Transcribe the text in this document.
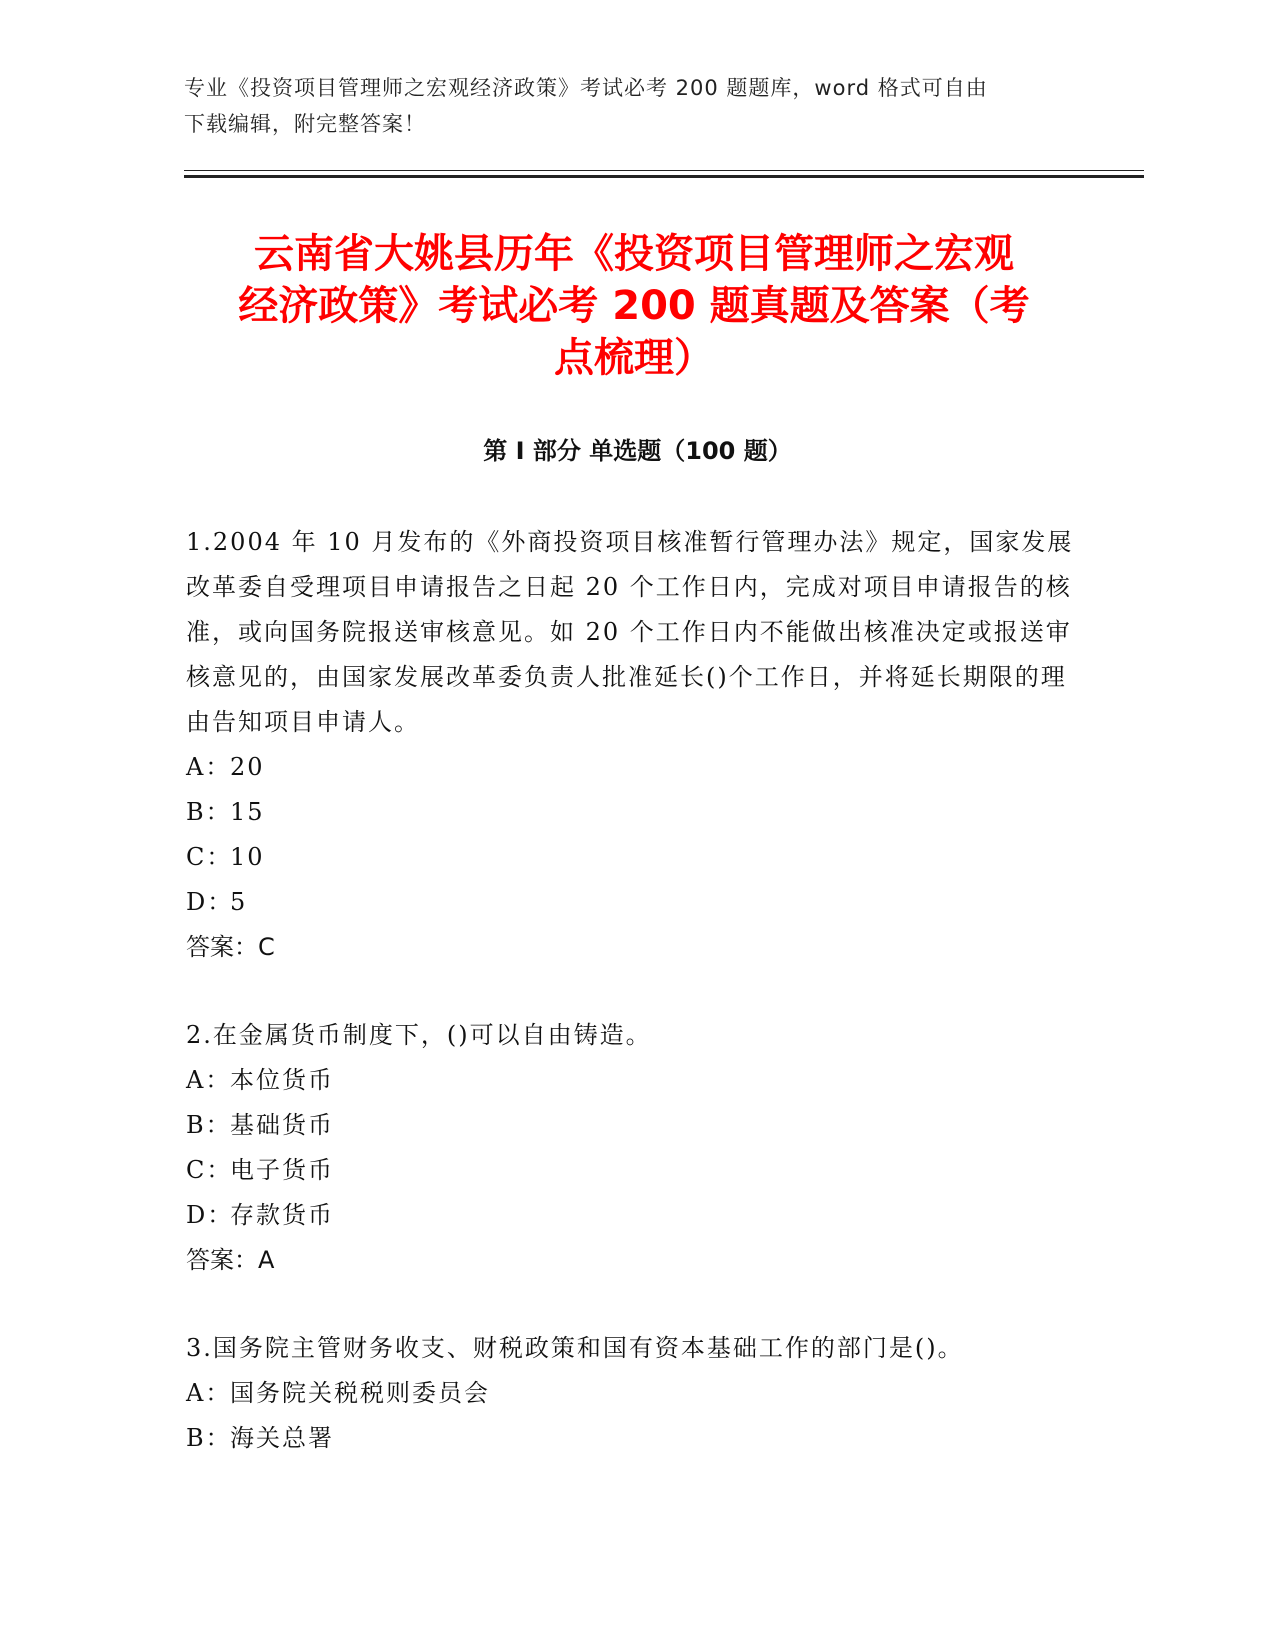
专业《投资项目管理师之宏观经济政策》考试必考 200 题题库，word 格式可自由
下载编辑，附完整答案！
云南省大姚县历年《投资项目管理师之宏观
经济政策》考试必考 200 题真题及答案（考
点梳理）
第 I 部分 单选题（100 题）

1.2004 年 10 月发布的《外商投资项目核准暂行管理办法》规定，国家发展改革委自受理项目申请报告之日起 20 个工作日内，完成对项目申请报告的核准，或向国务院报送审核意见。如 20 个工作日内不能做出核准决定或报送审核意见的，由国家发展改革委负责人批准延长()个工作日，并将延长期限的理由告知项目申请人。

A：20

B：15

C：10

D：5

答案：C

2.在金属货币制度下，()可以自由铸造。

A：本位货币

B：基础货币

C：电子货币

D：存款货币

答案：A

3.国务院主管财务收支、财税政策和国有资本基础工作的部门是()。

A：国务院关税税则委员会

B：海关总署
